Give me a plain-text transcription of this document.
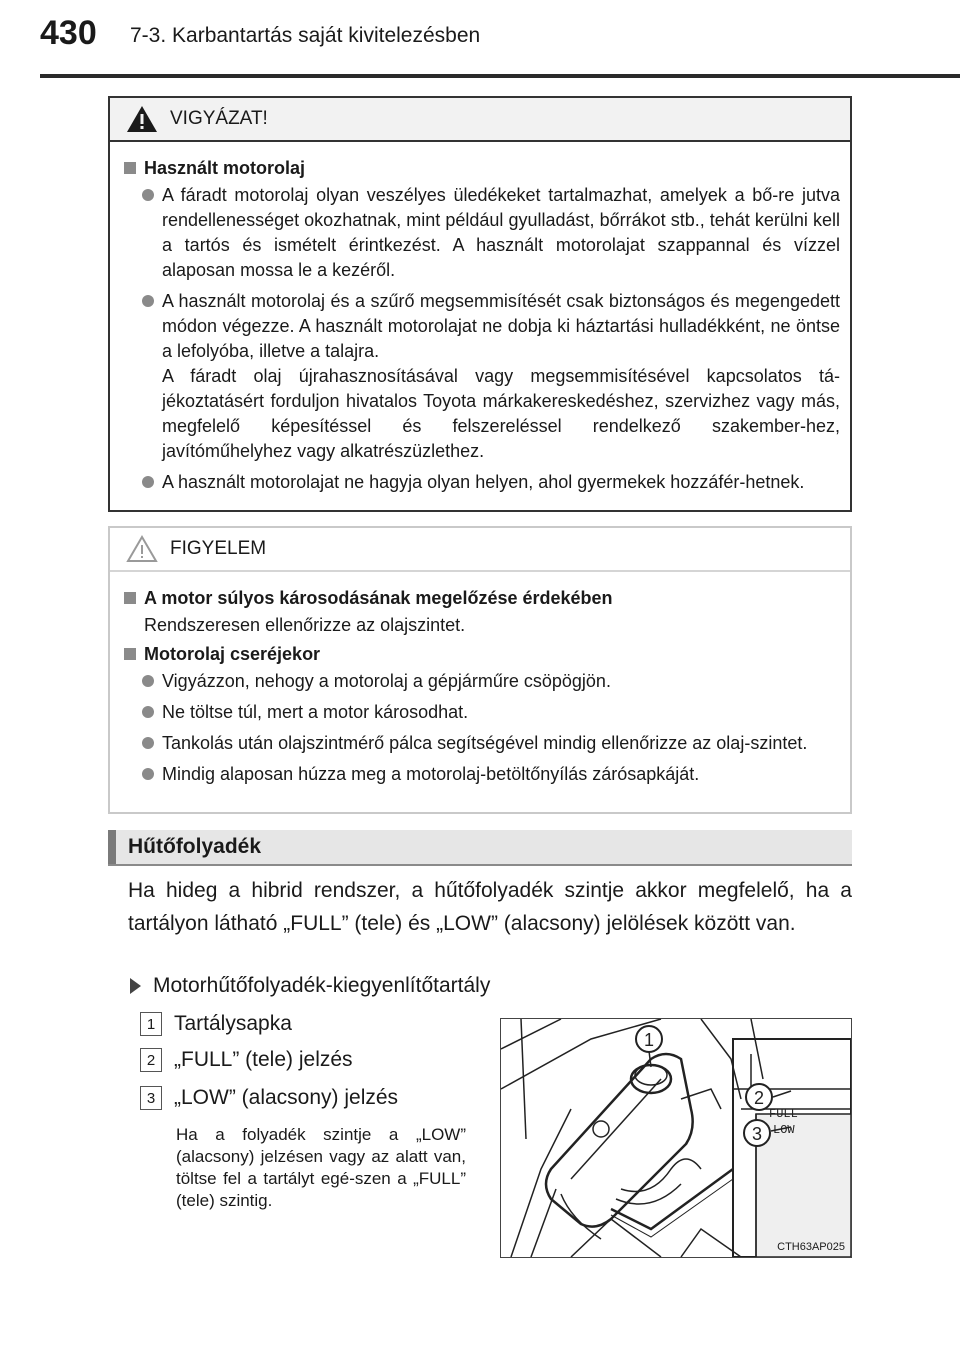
430 7-3. Karbantartás saját kivitelezésben
VIGYÁZAT!
Használt motorolaj
A fáradt motorolaj olyan veszélyes üledékeket tartalmazhat, amelyek a bő-re jutva rendellenességet okozhatnak, mint például gyulladást, bőrrákot stb., tehát kerülni kell a tartós és ismételt érintkezést. A használt motorolajat szappannal és vízzel alaposan mossa le a kezéről.
A használt motorolaj és a szűrő megsemmisítését csak biztonságos és megengedett módon végezze. A használt motorolajat ne dobja ki háztartási hulladékként, ne öntse a lefolyóba, illetve a talajra.
A fáradt olaj újrahasznosításával vagy megsemmisítésével kapcsolatos tá-jékoztatásért forduljon hivatalos Toyota márkakereskedéshez, szervizhez vagy más, megfelelő képesítéssel és felszereléssel rendelkező szakember-hez, javítóműhelyhez vagy alkatrészüzlethez.
A használt motorolajat ne hagyja olyan helyen, ahol gyermekek hozzáfér-hetnek.
FIGYELEM
A motor súlyos károsodásának megelőzése érdekében
Rendszeresen ellenőrizze az olajszintet.
Motorolaj cseréjekor
Vigyázzon, nehogy a motorolaj a gépjárműre csöpögjön.
Ne töltse túl, mert a motor károsodhat.
Tankolás után olajszintmérő pálca segítségével mindig ellenőrizze az olaj-szintet.
Mindig alaposan húzza meg a motorolaj-betöltőnyílás zárósapkáját.
Hűtőfolyadék
Ha hideg a hibrid rendszer, a hűtőfolyadék szintje akkor megfelelő, ha a tartályon látható „FULL” (tele) és „LOW” (alacsony) jelölések között van.
Motorhűtőfolyadék-kiegyenlítőtartály
1 Tartálysapka
2 „FULL” (tele) jelzés
3 „LOW” (alacsony) jelzés
Ha a folyadék szintje a „LOW” (alacsony) jelzésen vagy az alatt van, töltse fel a tartályt egé-szen a „FULL” (tele) szintig.
1
2
3
FULL
LOW
CTH63AP025
